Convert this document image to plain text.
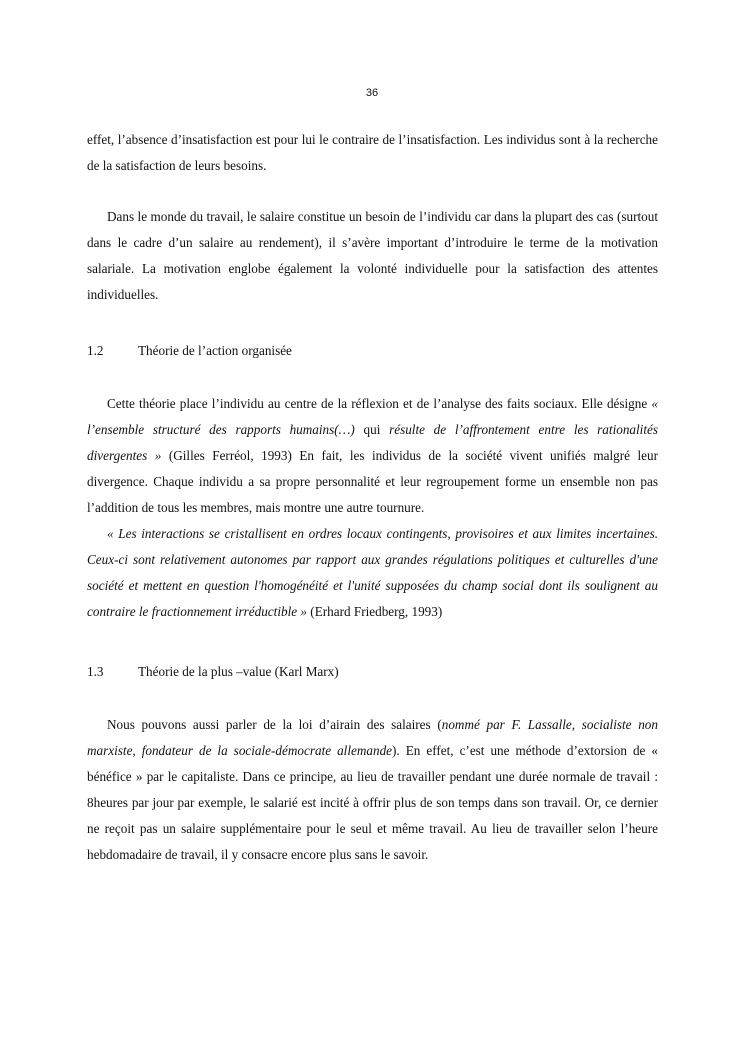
36

effet, l’absence d’insatisfaction est pour lui le contraire de l’insatisfaction. Les individus sont à la recherche de la satisfaction de leurs besoins.

Dans le monde du travail, le salaire constitue un besoin de l’individu car dans la plupart des cas (surtout dans le cadre d’un salaire au rendement), il s’avère important d’introduire le terme de la motivation salariale. La motivation englobe également la volonté individuelle pour la satisfaction des attentes individuelles.

1.2	Théorie de l’action organisée

Cette théorie place l’individu au centre de la réflexion et de l’analyse des faits sociaux. Elle désigne « l’ensemble structuré des rapports humains(…) qui résulte de l’affrontement entre les rationalités divergentes » (Gilles Ferréol, 1993) En fait, les individus de la société vivent unifiés malgré leur divergence. Chaque individu a sa propre personnalité et leur regroupement forme un ensemble non pas l’addition de tous les membres, mais montre une autre tournure.

« Les interactions se cristallisent en ordres locaux contingents, provisoires et aux limites incertaines. Ceux-ci sont relativement autonomes par rapport aux grandes régulations politiques et culturelles d'une société et mettent en question l'homogénéité et l'unité supposées du champ social dont ils soulignent au contraire le fractionnement irréductible » (Erhard Friedberg, 1993)

1.3	Théorie de la plus –value (Karl Marx)

Nous pouvons aussi parler de la loi d’airain des salaires (nommé par F. Lassalle, socialiste non marxiste, fondateur de la sociale-démocrate allemande). En effet, c’est une méthode d’extorsion de « bénéfice » par le capitaliste. Dans ce principe, au lieu de travailler pendant une durée normale de travail : 8heures par jour par exemple, le salarié est incité à offrir plus de son temps dans son travail. Or, ce dernier ne reçoit pas un salaire supplémentaire pour le seul et même travail. Au lieu de travailler selon l’heure hebdomadaire de travail, il y consacre encore plus sans le savoir.
